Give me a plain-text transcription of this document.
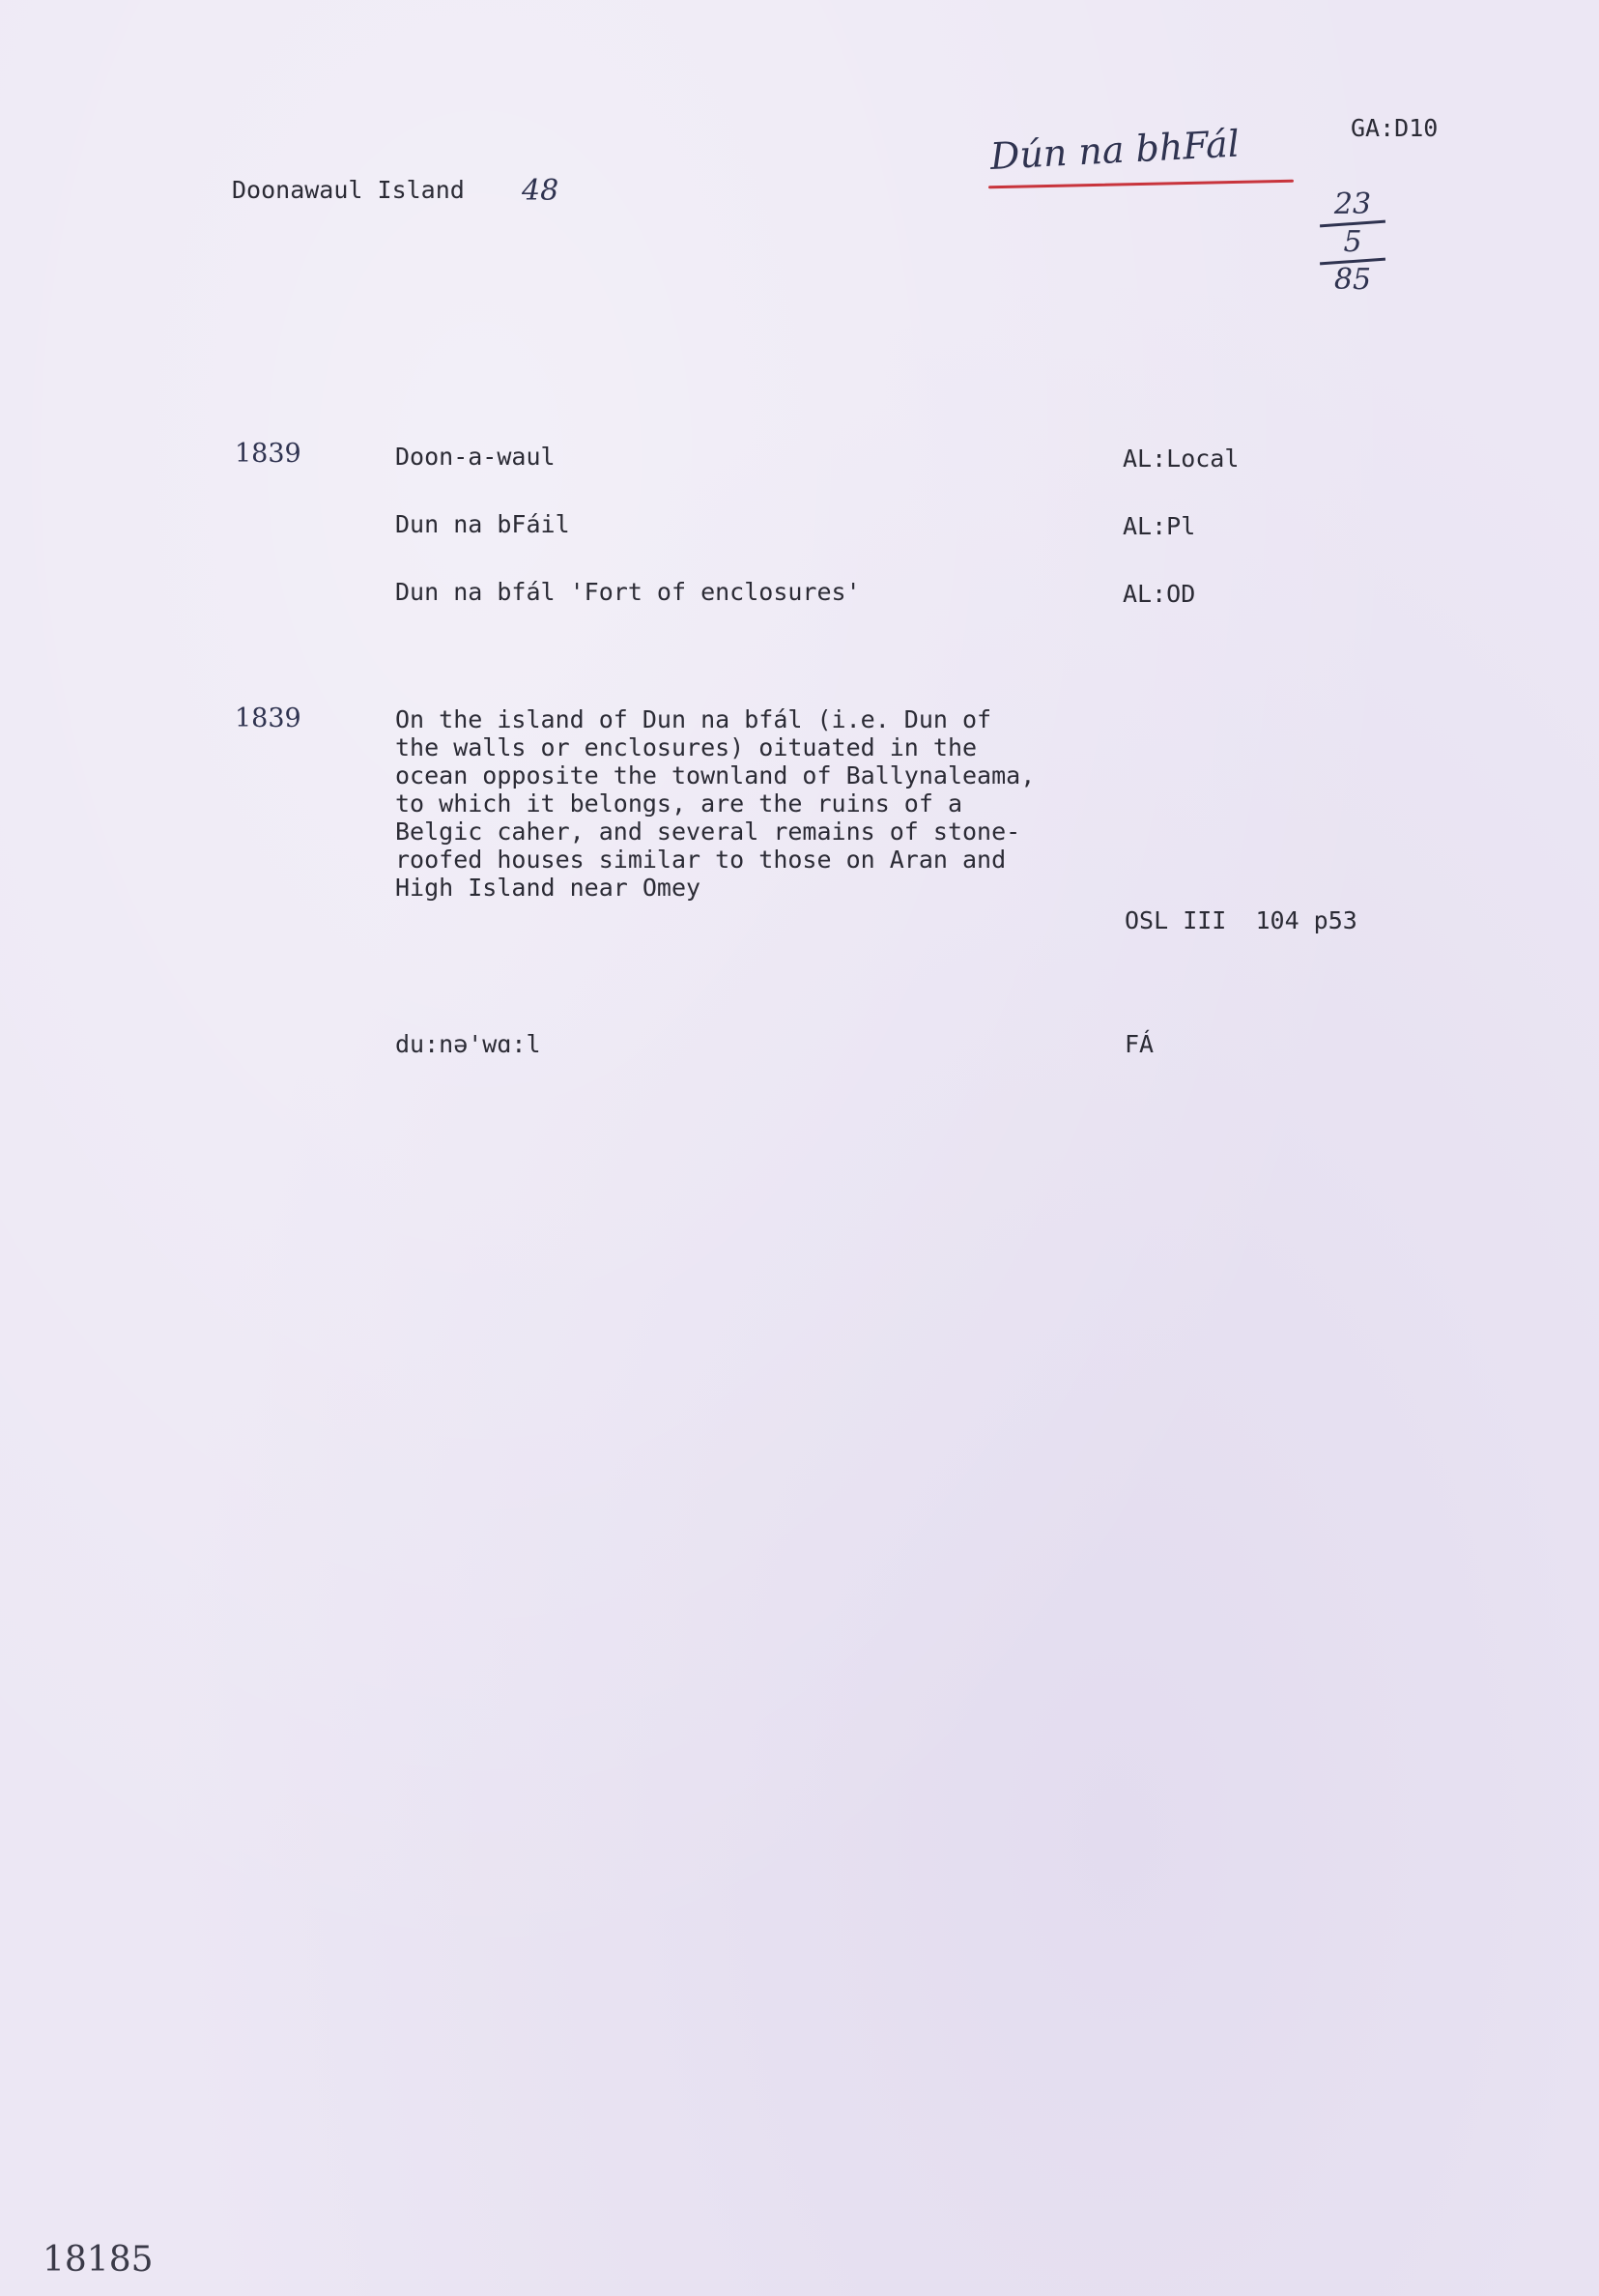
Doonawaul Island 48
Dún na bhFál	GA:D10
23
5
85
1839	Doon-a-waul	AL:Local
Dun na bFáil	AL:Pl
Dun na bfál 'Fort of enclosures'	AL:OD
1839	On the island of Dun na bfál (i.e. Dun of
the walls or enclosures) oituated in the
ocean opposite the townland of Ballynaleama,
to which it belongs, are the ruins of a
Belgic caher, and several remains of stone-
roofed houses similar to those on Aran and
High Island near Omey
OSL III  104 p53
du:nə'wɑ:l	FÁ
18185
